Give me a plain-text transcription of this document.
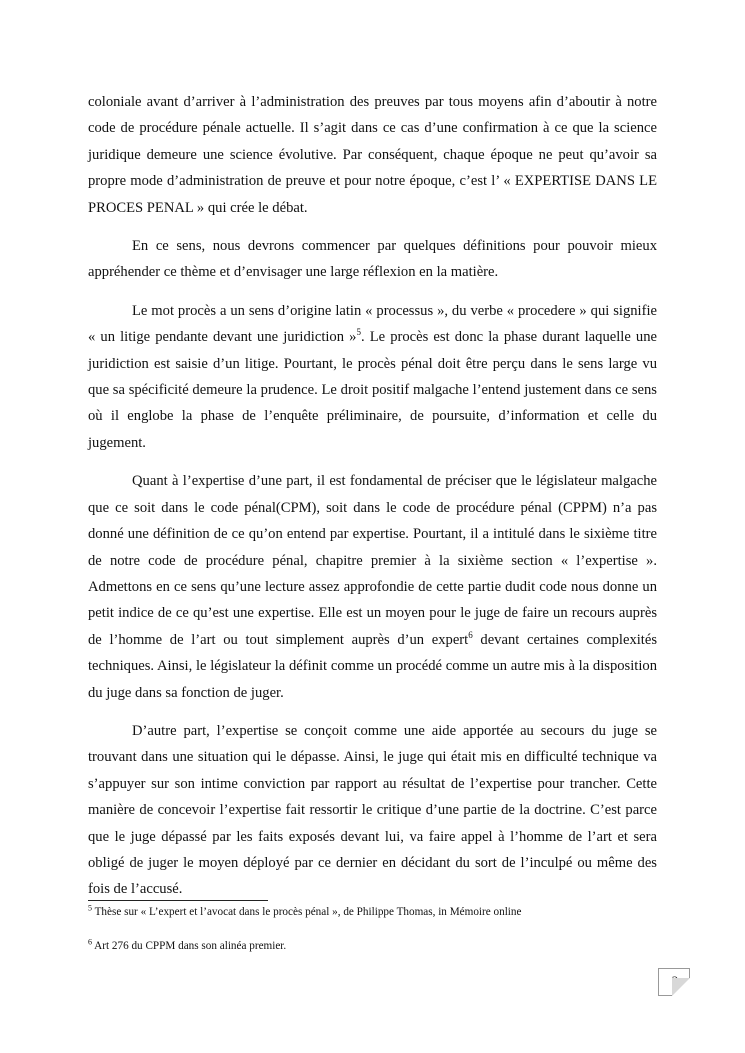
coloniale avant d’arriver à l’administration des preuves par tous moyens afin d’aboutir à notre code de procédure pénale actuelle. Il s’agit dans ce cas d’une confirmation à ce que la science juridique demeure une science évolutive. Par conséquent, chaque époque ne peut qu’avoir sa propre mode d’administration de preuve et pour notre époque, c’est l’ « EXPERTISE DANS LE PROCES PENAL » qui crée le débat.

En ce sens, nous devrons commencer par quelques définitions pour pouvoir mieux appréhender ce thème et d’envisager une large réflexion en la matière.

Le mot procès a un sens d’origine latin « processus », du verbe « procedere » qui signifie « un litige pendante devant une juridiction »$^5$. Le procès est donc la phase durant laquelle une juridiction est saisie d’un litige. Pourtant, le procès pénal doit être perçu dans le sens large vu que sa spécificité demeure la prudence. Le droit positif malgache l’entend justement dans ce sens où il englobe la phase de l’enquête préliminaire, de poursuite, d’information et celle du jugement.

Quant à l’expertise d’une part, il est fondamental de préciser que le législateur malgache que ce soit dans le code pénal(CPM), soit dans le code de procédure pénal (CPPM) n’a pas donné une définition de ce qu’on entend par expertise. Pourtant, il a intitulé dans le sixième titre de notre code de procédure pénal, chapitre premier à la sixième section « l’expertise ». Admettons en ce sens qu’une lecture assez approfondie de cette partie dudit code nous donne un petit indice de ce qu’est une expertise. Elle est un moyen pour le juge de faire un recours auprès de l’homme de l’art ou tout simplement auprès d’un expert$^6$ devant certaines complexités techniques. Ainsi, le législateur la définit comme un procédé comme un autre mis à la disposition du juge dans sa fonction de juger.

D’autre part, l’expertise se conçoit comme une aide apportée au secours du juge se trouvant dans une situation qui le dépasse. Ainsi, le juge qui était mis en difficulté technique va s’appuyer sur son intime conviction par rapport au résultat de l’expertise pour trancher. Cette manière de concevoir l’expertise fait ressortir le critique d’une partie de la doctrine. C’est parce que le juge dépassé par les faits exposés devant lui, va faire appel à l’homme de l’art et sera obligé de juger le moyen déployé par ce dernier en décidant du sort de l’inculpé ou même des fois de l’accusé.

$^5$ Thèse sur « L’expert et l’avocat dans le procès pénal », de Philippe Thomas, in Mémoire online

$^6$ Art 276 du CPPM dans son alinéa premier.

2
